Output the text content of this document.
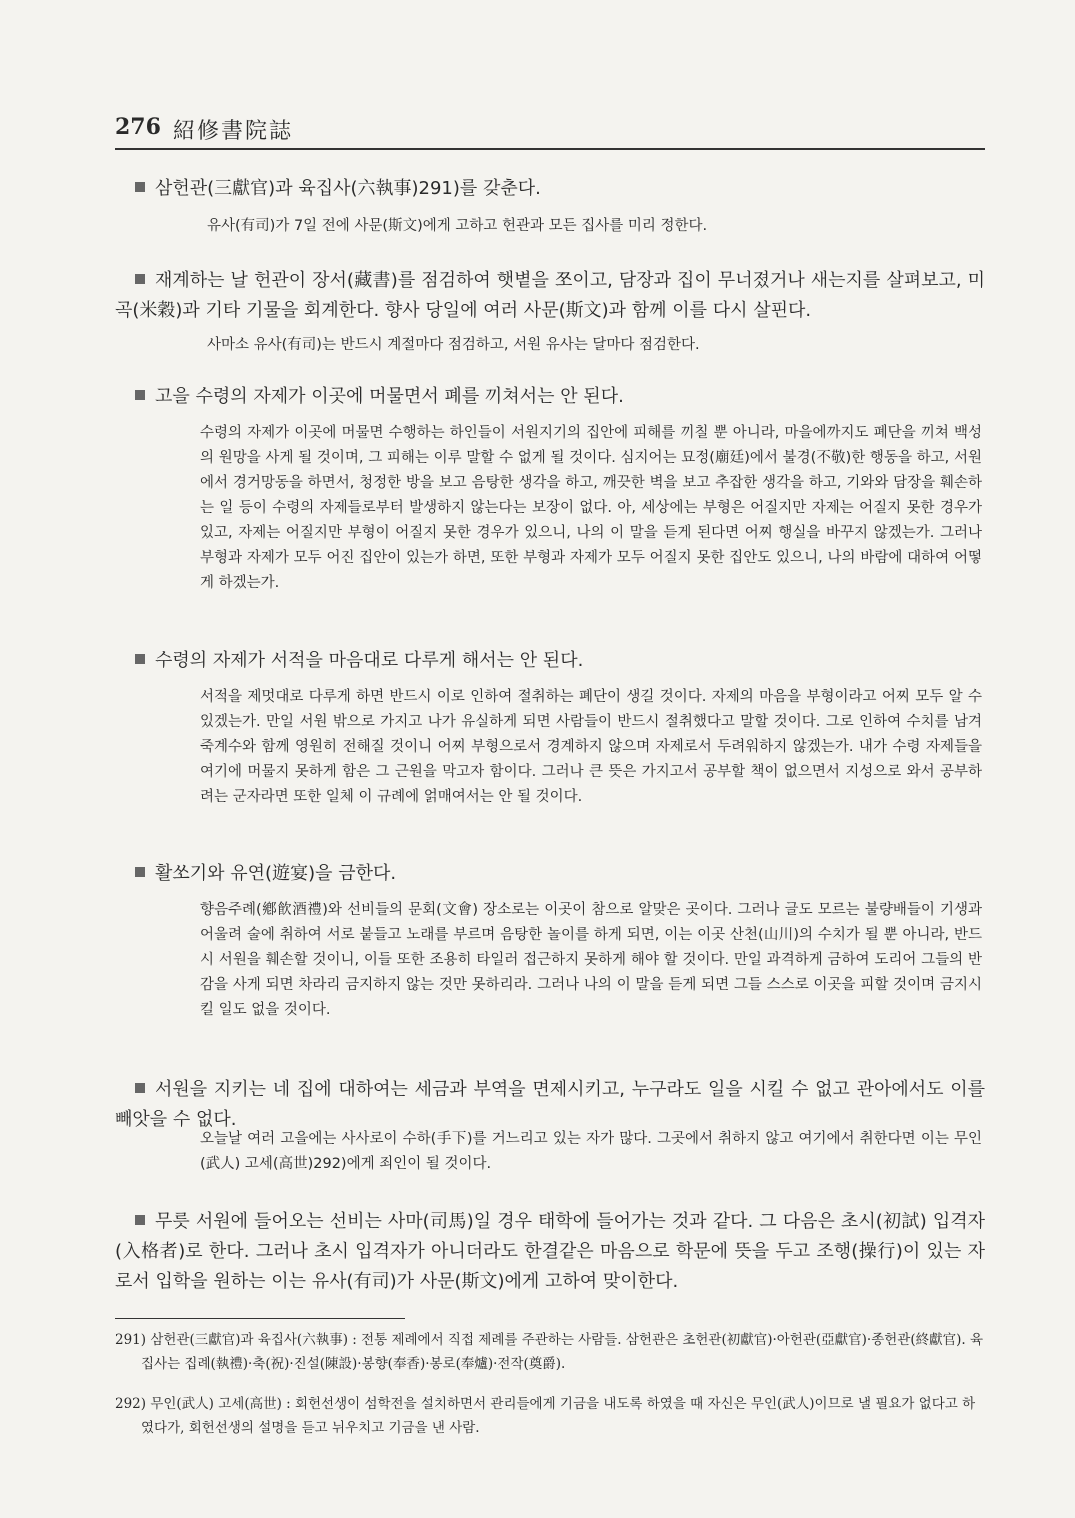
276 紹修書院誌
삼헌관(三獻官)과 육집사(六執事)291)를 갖춘다.
유사(有司)가 7일 전에 사문(斯文)에게 고하고 헌관과 모든 집사를 미리 정한다.
재계하는 날 헌관이 장서(藏書)를 점검하여 햇볕을 쪼이고, 담장과 집이 무너졌거나 새는지를 살펴보고, 미곡(米穀)과 기타 기물을 회계한다. 향사 당일에 여러 사문(斯文)과 함께 이를 다시 살핀다.
사마소 유사(有司)는 반드시 계절마다 점검하고, 서원 유사는 달마다 점검한다.
고을 수령의 자제가 이곳에 머물면서 폐를 끼쳐서는 안 된다.
수령의 자제가 이곳에 머물면 수행하는 하인들이 서원지기의 집안에 피해를 끼칠 뿐 아니라, 마을에까지도 폐단을 끼쳐 백성의 원망을 사게 될 것이며, 그 피해는 이루 말할 수 없게 될 것이다. 심지어는 묘정(廟廷)에서 불경(不敬)한 행동을 하고, 서원에서 경거망동을 하면서, 청정한 방을 보고 음탕한 생각을 하고, 깨끗한 벽을 보고 추잡한 생각을 하고, 기와와 담장을 훼손하는 일 등이 수령의 자제들로부터 발생하지 않는다는 보장이 없다. 아, 세상에는 부형은 어질지만 자제는 어질지 못한 경우가 있고, 자제는 어질지만 부형이 어질지 못한 경우가 있으니, 나의 이 말을 듣게 된다면 어찌 행실을 바꾸지 않겠는가. 그러나 부형과 자제가 모두 어진 집안이 있는가 하면, 또한 부형과 자제가 모두 어질지 못한 집안도 있으니, 나의 바람에 대하여 어떻게 하겠는가.
수령의 자제가 서적을 마음대로 다루게 해서는 안 된다.
서적을 제멋대로 다루게 하면 반드시 이로 인하여 절취하는 폐단이 생길 것이다. 자제의 마음을 부형이라고 어찌 모두 알 수 있겠는가. 만일 서원 밖으로 가지고 나가 유실하게 되면 사람들이 반드시 절취했다고 말할 것이다. 그로 인하여 수치를 남겨 죽계수와 함께 영원히 전해질 것이니 어찌 부형으로서 경계하지 않으며 자제로서 두려워하지 않겠는가. 내가 수령 자제들을 여기에 머물지 못하게 함은 그 근원을 막고자 함이다. 그러나 큰 뜻은 가지고서 공부할 책이 없으면서 지성으로 와서 공부하려는 군자라면 또한 일체 이 규례에 얽매여서는 안 될 것이다.
활쏘기와 유연(遊宴)을 금한다.
향음주례(鄕飮酒禮)와 선비들의 문회(文會) 장소로는 이곳이 참으로 알맞은 곳이다. 그러나 글도 모르는 불량배들이 기생과 어울려 술에 취하여 서로 붙들고 노래를 부르며 음탕한 놀이를 하게 되면, 이는 이곳 산천(山川)의 수치가 될 뿐 아니라, 반드시 서원을 훼손할 것이니, 이들 또한 조용히 타일러 접근하지 못하게 해야 할 것이다. 만일 과격하게 금하여 도리어 그들의 반감을 사게 되면 차라리 금지하지 않는 것만 못하리라. 그러나 나의 이 말을 듣게 되면 그들 스스로 이곳을 피할 것이며 금지시킬 일도 없을 것이다.
서원을 지키는 네 집에 대하여는 세금과 부역을 면제시키고, 누구라도 일을 시킬 수 없고 관아에서도 이를 빼앗을 수 없다.
오늘날 여러 고을에는 사사로이 수하(手下)를 거느리고 있는 자가 많다. 그곳에서 취하지 않고 여기에서 취한다면 이는 무인(武人) 고세(高世)292)에게 죄인이 될 것이다.
무릇 서원에 들어오는 선비는 사마(司馬)일 경우 태학에 들어가는 것과 같다. 그 다음은 초시(初試) 입격자(入格者)로 한다. 그러나 초시 입격자가 아니더라도 한결같은 마음으로 학문에 뜻을 두고 조행(操行)이 있는 자로서 입학을 원하는 이는 유사(有司)가 사문(斯文)에게 고하여 맞이한다.
291) 삼헌관(三獻官)과 육집사(六執事) : 전통 제례에서 직접 제례를 주관하는 사람들. 삼헌관은 초헌관(初獻官)·아헌관(亞獻官)·종헌관(終獻官). 육집사는 집례(執禮)·축(祝)·진설(陳設)·봉향(奉香)·봉로(奉爐)·전작(奠爵).
292) 무인(武人) 고세(高世) : 회헌선생이 섬학전을 설치하면서 관리들에게 기금을 내도록 하였을 때 자신은 무인(武人)이므로 낼 필요가 없다고 하였다가, 회헌선생의 설명을 듣고 뉘우치고 기금을 낸 사람.
